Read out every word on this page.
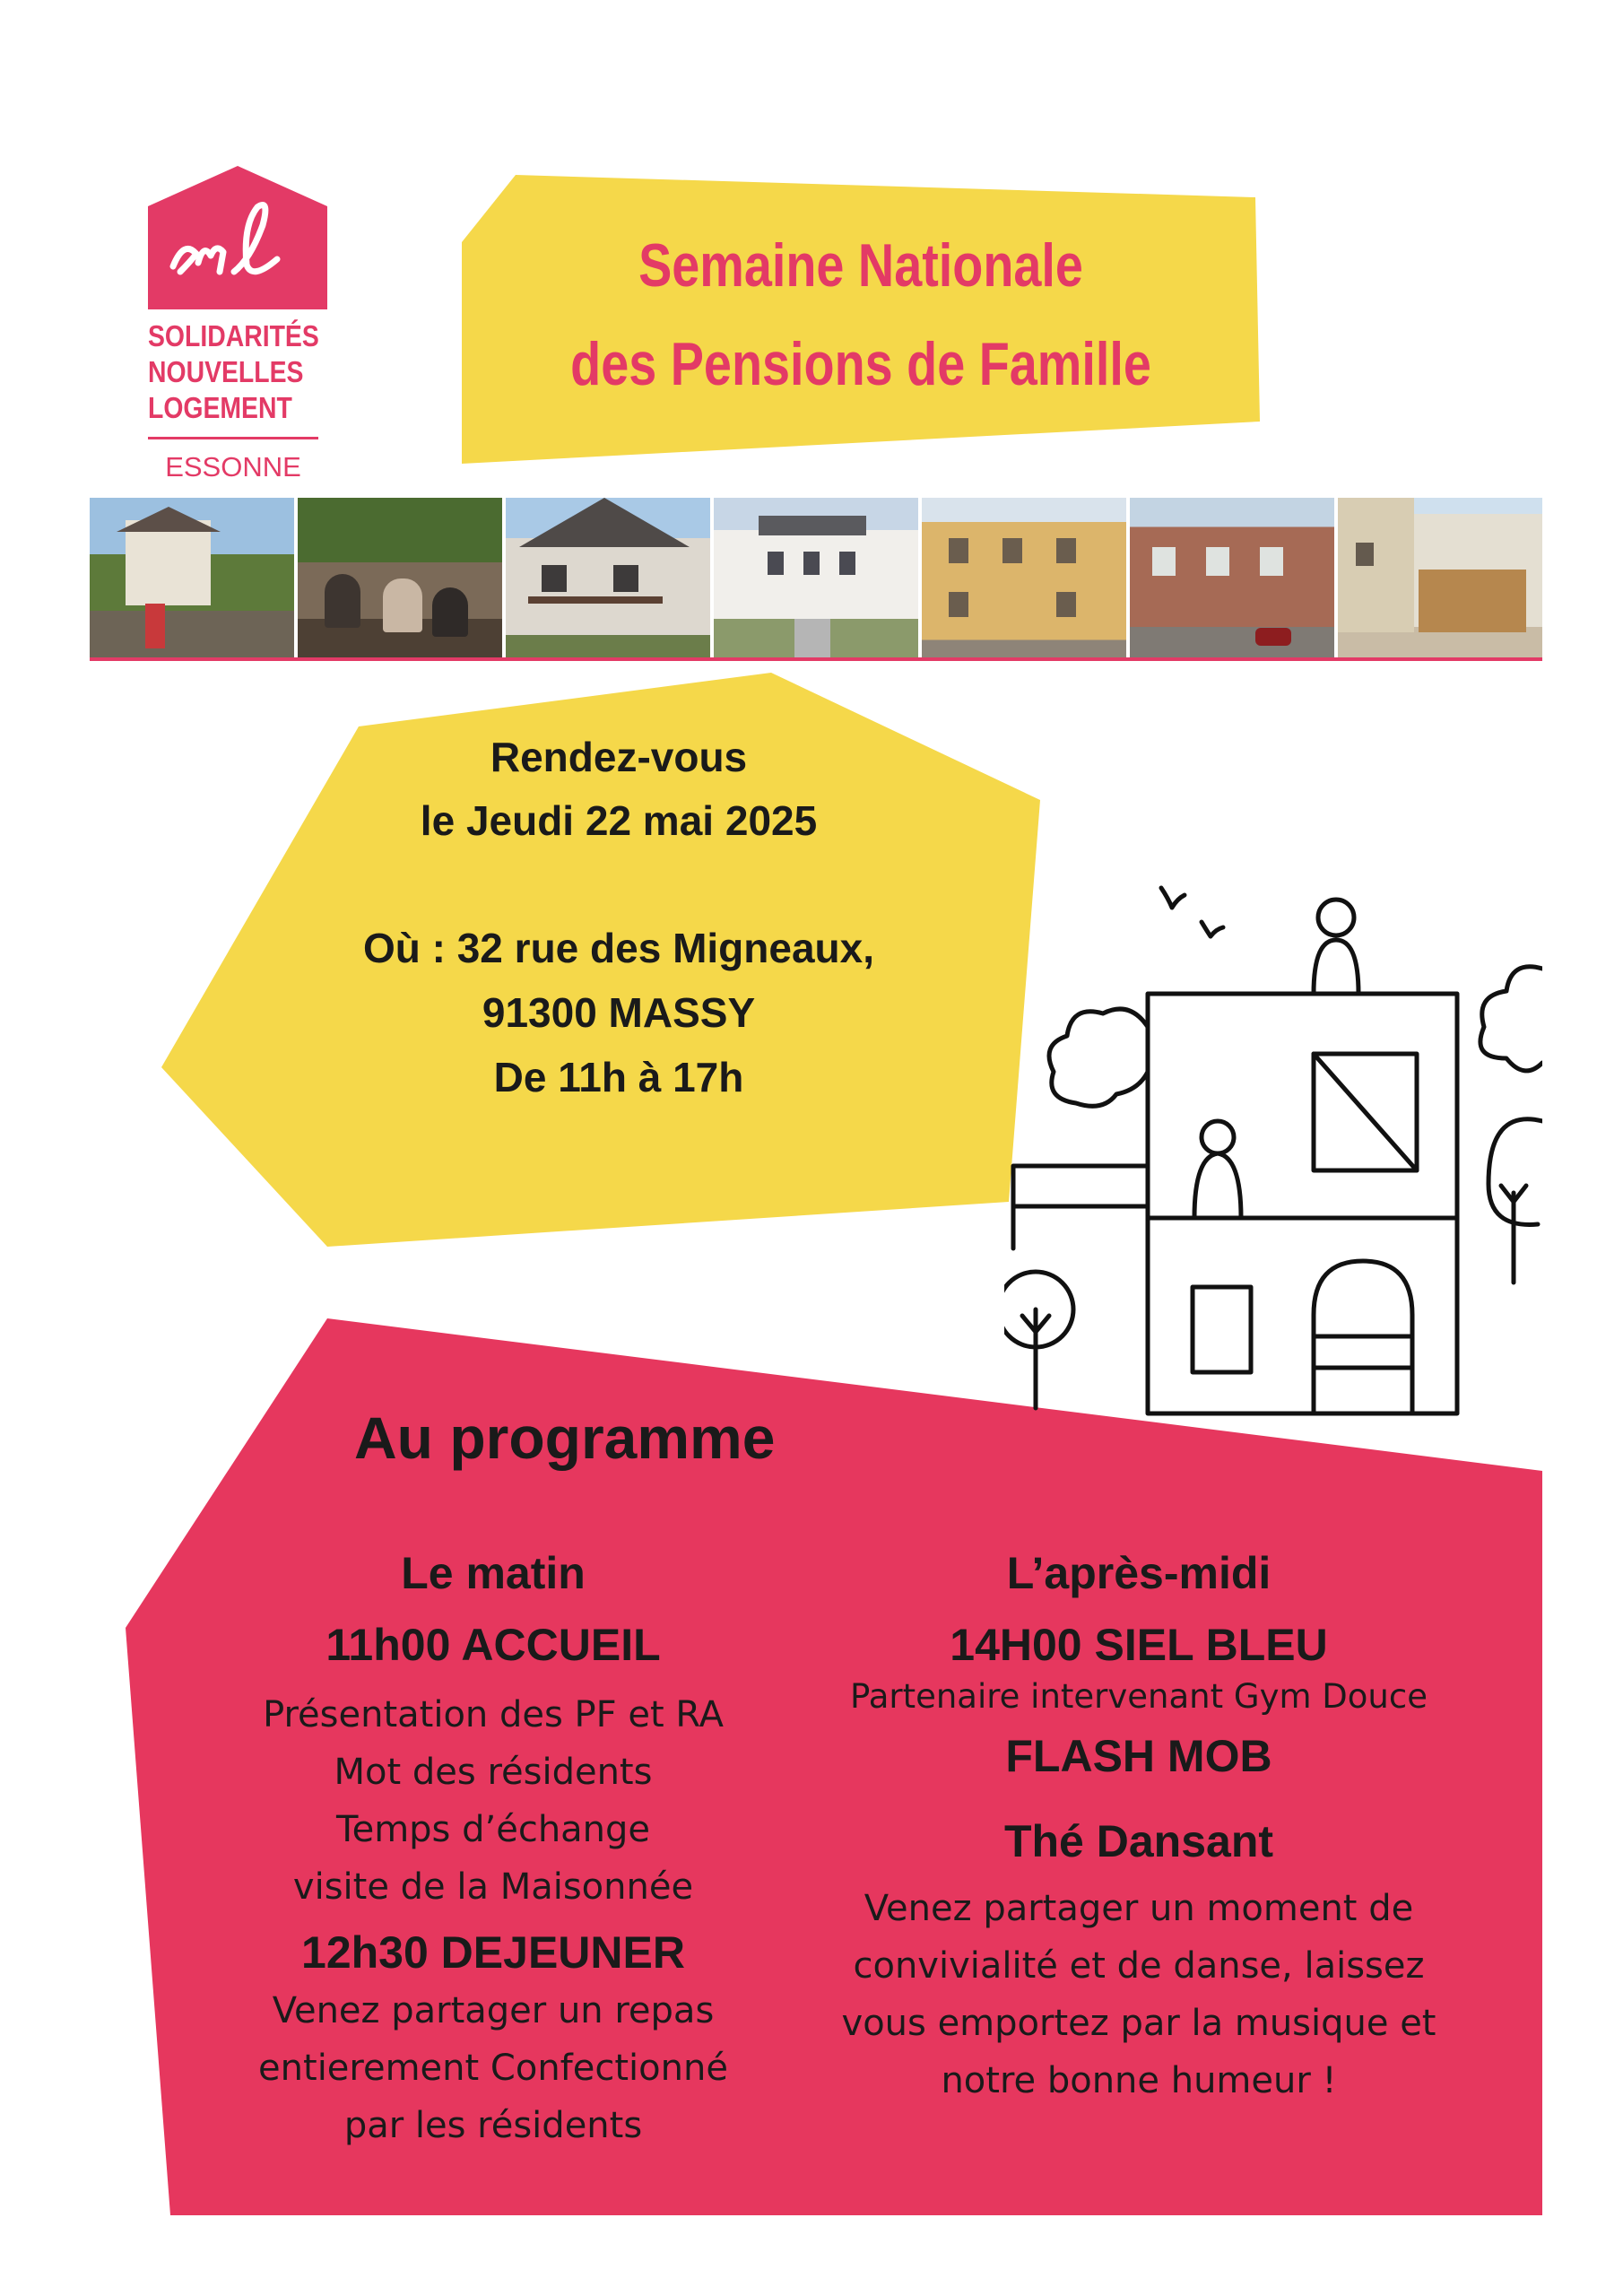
SOLIDARITÉS
NOUVELLES
LOGEMENT
ESSONNE
Semaine Nationale
des Pensions de Famille
Rendez-vous
le Jeudi 22 mai 2025
Où : 32 rue des Migneaux,
91300 MASSY
De 11h à 17h
Au programme
Le matin
11h00 ACCUEIL
Présentation des PF et RA
Mot des résidents
Temps d’échange
visite de la Maisonnée
12h30 DEJEUNER
Venez partager un repas
entierement Confectionné
par les résidents
L’après-midi
14H00 SIEL BLEU
Partenaire intervenant Gym Douce
FLASH MOB
Thé Dansant
Venez partager un moment de
convivialité et de danse, laissez
vous emportez par la musique et
notre bonne humeur !
